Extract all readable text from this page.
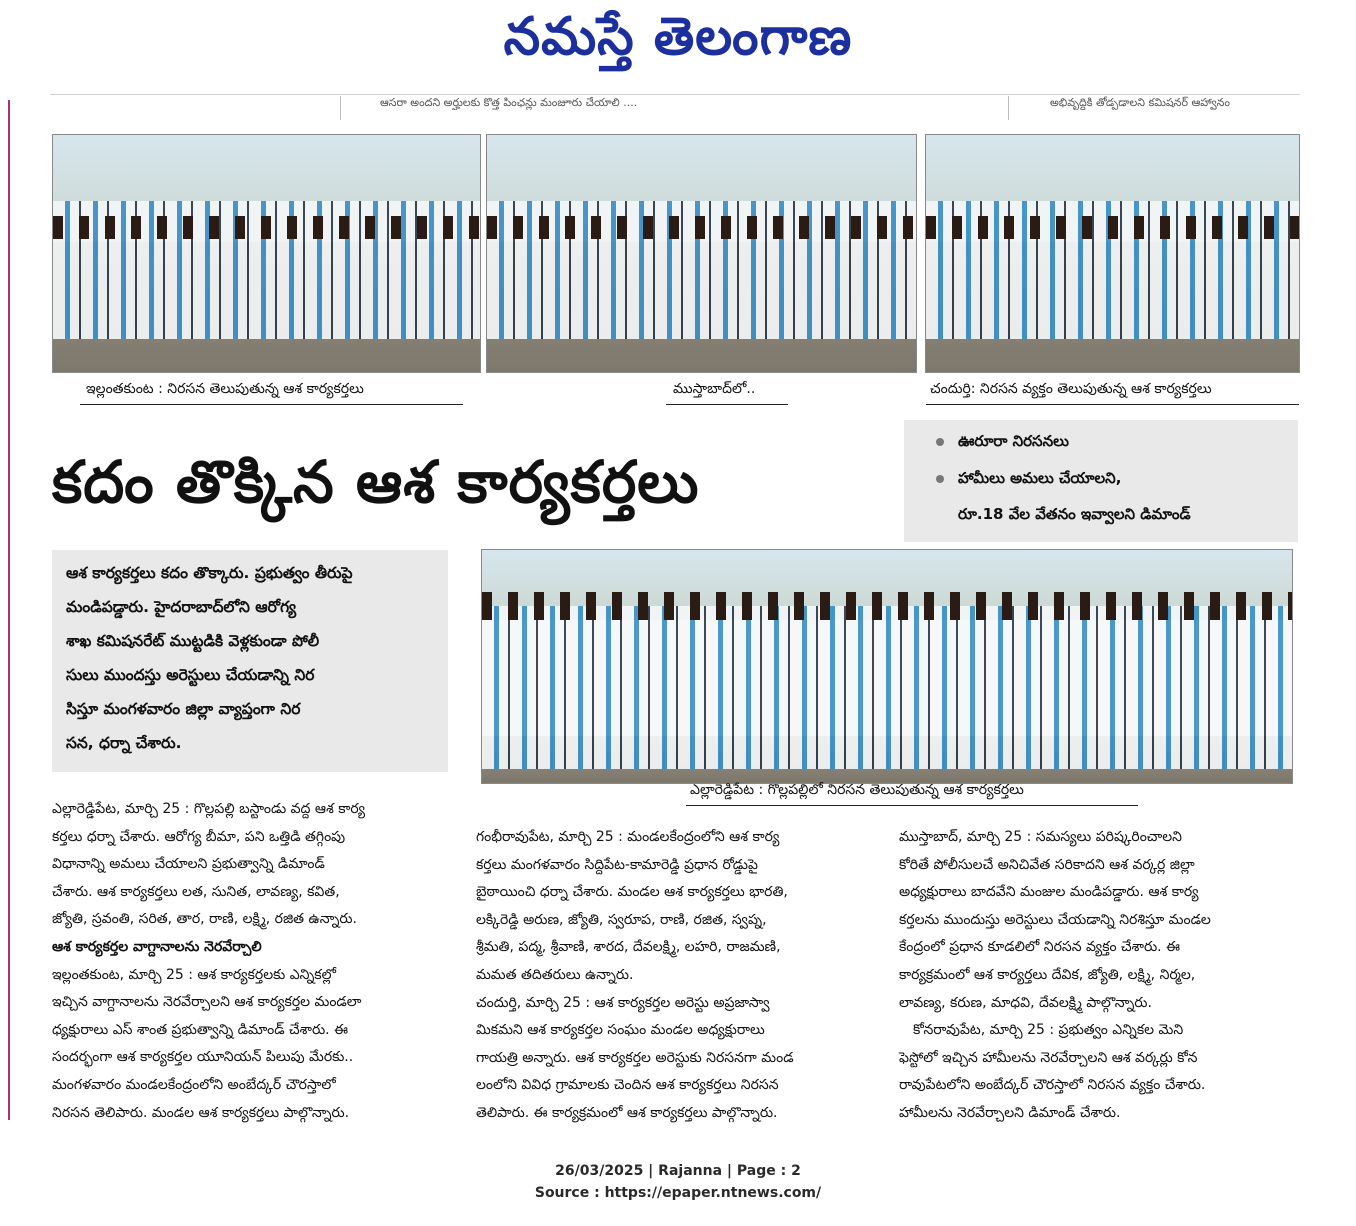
నమస్తే తెలంగాణ
ఆసరా అందని అర్హులకు కొత్త పింఛన్లు మంజూరు చేయాలి ....	అభివృద్ధికి తోడ్పడాలని కమిషనర్ ఆహ్వానం
ఇల్లంతకుంట : నిరసన తెలుపుతున్న ఆశ కార్యకర్తలు	ముస్తాబాద్‌లో..	చందుర్తి: నిరసన వ్యక్తం తెలుపుతున్న ఆశ కార్యకర్తలు
కదం తొక్కిన ఆశ కార్యకర్తలు
ఊరూరా నిరసనలు
హామీలు అమలు చేయాలని,
రూ.18 వేల వేతనం ఇవ్వాలని డిమాండ్

ఆశ కార్యకర్తలు కదం తొక్కారు. ప్రభుత్వం తీరుపై
మండిపడ్డారు. హైదరాబాద్‌లోని ఆరోగ్య
శాఖ కమిషనరేట్ ముట్టడికి వెళ్లకుండా పోలీ
సులు ముందస్తు అరెస్టులు చేయడాన్ని నిర
సిస్తూ మంగళవారం జిల్లా వ్యాప్తంగా నిర
సన, ధర్నా చేశారు.

ఎల్లారెడ్డిపేట : గొల్లపల్లిలో నిరసన తెలుపుతున్న ఆశ కార్యకర్తలు

ఎల్లారెడ్డిపేట, మార్చి 25 : గొల్లపల్లి బస్టాండు వద్ద ఆశ కార్య

కర్తలు ధర్నా చేశారు. ఆరోగ్య బీమా, పని ఒత్తిడి తగ్గింపు

విధానాన్ని అమలు చేయాలని ప్రభుత్వాన్ని డిమాండ్

చేశారు. ఆశ కార్యకర్తలు లత, సునిత, లావణ్య, కవిత,

జ్యోతి, స్రవంతి, సరిత, తార, రాణి, లక్ష్మి, రజిత ఉన్నారు.

ఆశ కార్యకర్తల వాగ్దానాలను నెరవేర్చాలి

ఇల్లంతకుంట, మార్చి 25 : ఆశ కార్యకర్తలకు ఎన్నికల్లో

ఇచ్చిన వాగ్దానాలను నెరవేర్చాలని ఆశ కార్యకర్తల మండలా

ధ్యక్షురాలు ఎస్ శాంత ప్రభుత్వాన్ని డిమాండ్ చేశారు. ఈ

సందర్భంగా ఆశ కార్యకర్తల యూనియన్ పిలుపు మేరకు..

మంగళవారం మండలకేంద్రంలోని అంబేద్కర్ చౌరస్తాలో

నిరసన తెలిపారు. మండల ఆశ కార్యకర్తలు పాల్గొన్నారు.

గంభీరావుపేట, మార్చి 25 : మండలకేంద్రంలోని ఆశ కార్య

కర్తలు మంగళవారం సిద్దిపేట-కామారెడ్డి ప్రధాన రోడ్డుపై

బైఠాయించి ధర్నా చేశారు. మండల ఆశ కార్యకర్తలు భారతి,

లక్కిరెడ్డి అరుణ, జ్యోతి, స్వరూప, రాణి, రజిత, స్వప్న,

శ్రీమతి, పద్మ, శ్రీవాణి, శారద, దేవలక్ష్మి, లహరి, రాజమణి,

మమత తదితరులు ఉన్నారు.

చందుర్తి, మార్చి 25 : ఆశ కార్యకర్తల అరెస్టు అప్రజాస్వా

మికమని ఆశ కార్యకర్తల సంఘం మండల అధ్యక్షురాలు

గాయత్రి అన్నారు. ఆశ కార్యకర్తల అరెస్టుకు నిరసనగా మండ

లంలోని వివిధ గ్రామాలకు చెందిన ఆశ కార్యకర్తలు నిరసన

తెలిపారు. ఈ కార్యక్రమంలో ఆశ కార్యకర్తలు పాల్గొన్నారు.

ముస్తాబాద్, మార్చి 25 : సమస్యలు పరిష్కరించాలని

కోరితే పోలీసులచే అనిచివేత సరికాదని ఆశ వర్కర్ల జిల్లా

అధ్యక్షురాలు బాదవేని మంజుల మండిపడ్డారు. ఆశ కార్య

కర్తలను ముందుస్తు అరెస్టులు చేయడాన్ని నిరశిస్తూ మండల

కేంద్రంలో ప్రధాన కూడలిలో నిరసన వ్యక్తం చేశారు. ఈ

కార్యక్రమంలో ఆశ కార్యర్తలు దేవిక, జ్యోతి, లక్ష్మి, నిర్మల,

లావణ్య, కరుణ, మాధవి, దేవలక్ష్మి పాల్గొన్నారు.

కోనరావుపేట, మార్చి 25 : ప్రభుత్వం ఎన్నికల మెని

ఫెస్టోలో ఇచ్చిన హామీలను నెరవేర్చాలని ఆశ వర్కర్లు కోన

రావుపేటలోని అంబేద్కర్ చౌరస్తాలో నిరసన వ్యక్తం చేశారు.

హామీలను నెరవేర్చాలని డిమాండ్ చేశారు.

26/03/2025 | Rajanna | Page : 2
Source : https://epaper.ntnews.com/
